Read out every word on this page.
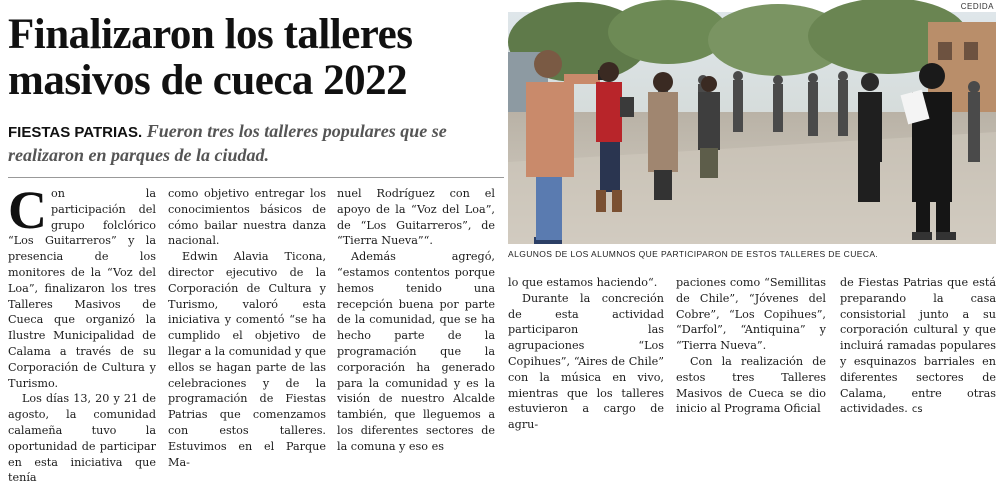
Finalizaron los talleres masivos de cueca 2022
FIESTAS PATRIAS. Fueron tres los talleres populares que se realizaron en parques de la ciudad.
CEDIDA
ALGUNOS DE LOS ALUMNOS QUE PARTICIPARON DE ESTOS TALLERES DE CUECA.

Con la participación del grupo folclórico “Los Guitarreros” y la presencia de los monitores de la “Voz del Loa”, finalizaron los tres Talleres Masivos de Cueca que organizó la Ilustre Municipalidad de Calama a través de su Corporación de Cultura y Turismo.

Los días 13, 20 y 21 de agosto, la comunidad calameña tuvo la oportunidad de participar en esta iniciativa que tenía

como objetivo entregar los conocimientos básicos de cómo bailar nuestra danza nacional.

Edwin Alavia Ticona, director ejecutivo de la Corporación de Cultura y Turismo, valoró esta iniciativa y comentó “se ha cumplido el objetivo de llegar a la comunidad y que ellos se hagan parte de las celebraciones y de la programación de Fiestas Patrias que comenzamos con estos talleres. Estuvimos en el Parque Ma-

nuel Rodríguez con el apoyo de la “Voz del Loa”, de “Los Guitarreros”, de “Tierra Nueva”“.

Además agregó, “estamos contentos porque hemos tenido una recepción buena por parte de la comunidad, que se ha hecho parte de la programación que la corporación ha generado para la comunidad y es la visión de nuestro Alcalde también, que lleguemos a los diferentes sectores de la comuna y eso es

lo que estamos haciendo“.

Durante la concreción de esta actividad participaron las agrupaciones “Los Copihues”, “Aires de Chile” con la música en vivo, mientras que los talleres estuvieron a cargo de agru-

paciones como “Semillitas de Chile”, “Jóvenes del Cobre”, “Los Copihues”, “Darfol”, “Antiquina” y “Tierra Nueva”.

Con la realización de estos tres Talleres Masivos de Cueca se dio inicio al Programa Oficial

de Fiestas Patrias que está preparando la casa consistorial junto a su corporación cultural y que incluirá ramadas populares y esquinazos barriales en diferentes sectores de Calama, entre otras actividades. cs
